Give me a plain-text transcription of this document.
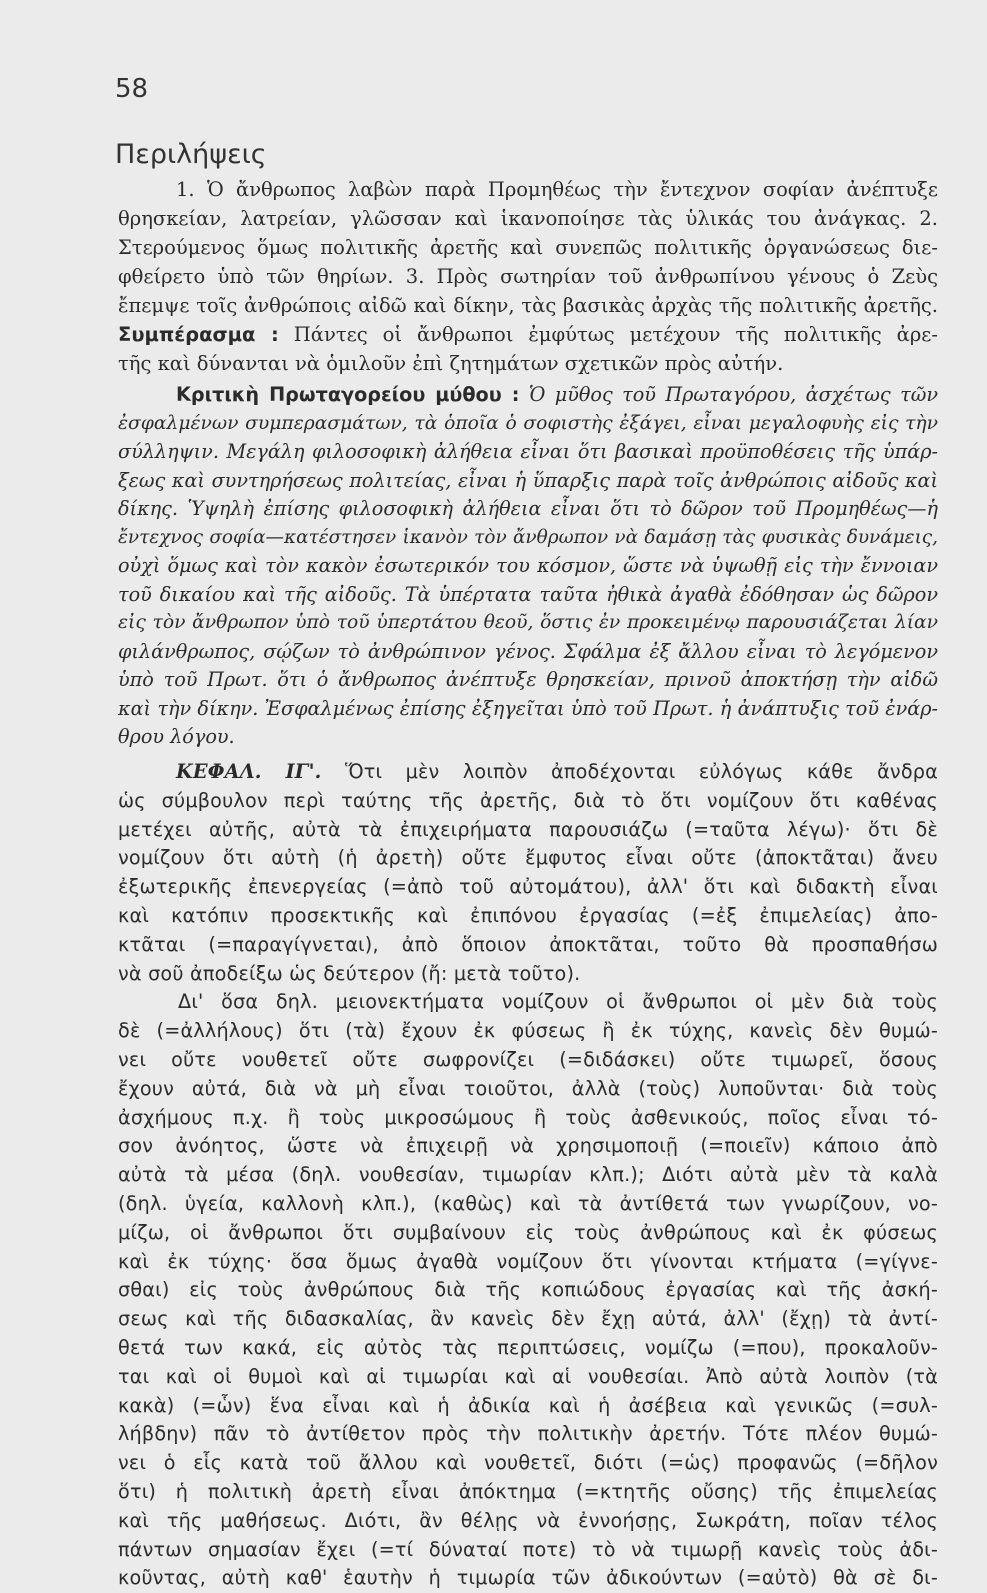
58
Περιλήψεις
1. Ὁ ἄνθρωπος λαβὼν παρὰ Προμηθέως τὴν ἔντεχνον σοφίαν ἀνέπτυξε
θρησκείαν, λατρείαν, γλῶσσαν καὶ ἱκανοποίησε τὰς ὑλικάς του ἀνάγκας. 2.
Στερούμενος ὅμως πολιτικῆς ἀρετῆς καὶ συνεπῶς πολιτικῆς ὀργανώσεως διε-
φθείρετο ὑπὸ τῶν θηρίων. 3. Πρὸς σωτηρίαν τοῦ ἀνθρωπίνου γένους ὁ Ζεὺς
ἔπεμψε τοῖς ἀνθρώποις αἰδῶ καὶ δίκην, τὰς βασικὰς ἀρχὰς τῆς πολιτικῆς ἀρετῆς.
Συμπέρασμα : Πάντες οἱ ἄνθρωποι ἐμφύτως μετέχουν τῆς πολιτικῆς ἀρε-
τῆς καὶ δύνανται νὰ ὁμιλοῦν ἐπὶ ζητημάτων σχετικῶν πρὸς αὐτήν.
Κριτικὴ Πρωταγορείου μύθου : Ὁ μῦθος τοῦ Πρωταγόρου, ἀσχέτως τῶν
ἐσφαλμένων συμπερασμάτων, τὰ ὁποῖα ὁ σοφιστὴς ἐξάγει, εἶναι μεγαλοφυὴς εἰς τὴν
σύλληψιν. Μεγάλη φιλοσοφικὴ ἀλήθεια εἶναι ὅτι βασικαὶ προϋποθέσεις τῆς ὑπάρ-
ξεως καὶ συντηρήσεως πολιτείας, εἶναι ἡ ὕπαρξις παρὰ τοῖς ἀνθρώποις αἰδοῦς καὶ
δίκης. Ὑψηλὴ ἐπίσης φιλοσοφικὴ ἀλήθεια εἶναι ὅτι τὸ δῶρον τοῦ Προμηθέως—ἡ
ἔντεχνος σοφία—κατέστησεν ἱκανὸν τὸν ἄνθρωπον νὰ δαμάσῃ τὰς φυσικὰς δυνάμεις,
οὐχὶ ὅμως καὶ τὸν κακὸν ἐσωτερικόν του κόσμον, ὥστε νὰ ὑψωθῇ εἰς τὴν ἔννοιαν
τοῦ δικαίου καὶ τῆς αἰδοῦς. Τὰ ὑπέρτατα ταῦτα ἠθικὰ ἀγαθὰ ἐδόθησαν ὡς δῶρον
εἰς τὸν ἄνθρωπον ὑπὸ τοῦ ὑπερτάτου θεοῦ, ὅστις ἐν προκειμένῳ παρουσιάζεται λίαν
φιλάνθρωπος, σῴζων τὸ ἀνθρώπινον γένος. Σφάλμα ἐξ ἄλλου εἶναι τὸ λεγόμενον
ὑπὸ τοῦ Πρωτ. ὅτι ὁ ἄνθρωπος ἀνέπτυξε θρησκείαν, πρινοῦ ἀποκτήσῃ τὴν αἰδῶ
καὶ τὴν δίκην. Ἐσφαλμένως ἐπίσης ἐξηγεῖται ὑπὸ τοῦ Πρωτ. ἡ ἀνάπτυξις τοῦ ἐνάρ-
θρου λόγου.
ΚΕΦΑΛ. ΙΓ'. Ὅτι μὲν λοιπὸν ἀποδέχονται εὐλόγως κάθε ἄνδρα
ὡς σύμβουλον περὶ ταύτης τῆς ἀρετῆς, διὰ τὸ ὅτι νομίζουν ὅτι καθένας
μετέχει αὐτῆς, αὐτὰ τὰ ἐπιχειρήματα παρουσιάζω (=ταῦτα λέγω)· ὅτι δὲ
νομίζουν ὅτι αὐτὴ (ἡ ἀρετὴ) οὔτε ἔμφυτος εἶναι οὔτε (ἀποκτᾶται) ἄνευ
ἐξωτερικῆς ἐπενεργείας (=ἀπὸ τοῦ αὐτομάτου), ἀλλ' ὅτι καὶ διδακτὴ εἶναι
καὶ κατόπιν προσεκτικῆς καὶ ἐπιπόνου ἐργασίας (=ἐξ ἐπιμελείας) ἀπο-
κτᾶται (=παραγίγνεται), ἀπὸ ὅποιον ἀποκτᾶται, τοῦτο θὰ προσπαθήσω
νὰ σοῦ ἀποδείξω ὡς δεύτερον (ἤ: μετὰ τοῦτο).
Δι' ὅσα δηλ. μειονεκτήματα νομίζουν οἱ ἄνθρωποι οἱ μὲν διὰ τοὺς
δὲ (=ἀλλήλους) ὅτι (τὰ) ἔχουν ἐκ φύσεως ἢ ἐκ τύχης, κανεὶς δὲν θυμώ-
νει οὔτε νουθετεῖ οὔτε σωφρονίζει (=διδάσκει) οὔτε τιμωρεῖ, ὅσους
ἔχουν αὐτά, διὰ νὰ μὴ εἶναι τοιοῦτοι, ἀλλὰ (τοὺς) λυποῦνται· διὰ τοὺς
ἀσχήμους π.χ. ἢ τοὺς μικροσώμους ἢ τοὺς ἀσθενικούς, ποῖος εἶναι τό-
σον ἀνόητος, ὥστε νὰ ἐπιχειρῇ νὰ χρησιμοποιῇ (=ποιεῖν) κάποιο ἀπὸ
αὐτὰ τὰ μέσα (δηλ. νουθεσίαν, τιμωρίαν κλπ.); Διότι αὐτὰ μὲν τὰ καλὰ
(δηλ. ὑγεία, καλλονὴ κλπ.), (καθὼς) καὶ τὰ ἀντίθετά των γνωρίζουν, νο-
μίζω, οἱ ἄνθρωποι ὅτι συμβαίνουν εἰς τοὺς ἀνθρώπους καὶ ἐκ φύσεως
καὶ ἐκ τύχης· ὅσα ὅμως ἀγαθὰ νομίζουν ὅτι γίνονται κτήματα (=γίγνε-
σθαι) εἰς τοὺς ἀνθρώπους διὰ τῆς κοπιώδους ἐργασίας καὶ τῆς ἀσκή-
σεως καὶ τῆς διδασκαλίας, ἂν κανεὶς δὲν ἔχῃ αὐτά, ἀλλ' (ἔχῃ) τὰ ἀντί-
θετά των κακά, εἰς αὐτὸς τὰς περιπτώσεις, νομίζω (=που), προκαλοῦν-
ται καὶ οἱ θυμοὶ καὶ αἱ τιμωρίαι καὶ αἱ νουθεσίαι. Ἀπὸ αὐτὰ λοιπὸν (τὰ
κακὰ) (=ὧν) ἕνα εἶναι καὶ ἡ ἀδικία καὶ ἡ ἀσέβεια καὶ γενικῶς (=συλ-
λήβδην) πᾶν τὸ ἀντίθετον πρὸς τὴν πολιτικὴν ἀρετήν. Τότε πλέον θυμώ-
νει ὁ εἷς κατὰ τοῦ ἄλλου καὶ νουθετεῖ, διότι (=ὡς) προφανῶς (=δῆλον
ὅτι) ἡ πολιτικὴ ἀρετὴ εἶναι ἀπόκτημα (=κτητῆς οὔσης) τῆς ἐπιμελείας
καὶ τῆς μαθήσεως. Διότι, ἂν θέλῃς νὰ ἐννοήσῃς, Σωκράτη, ποῖαν τέλος
πάντων σημασίαν ἔχει (=τί δύναταί ποτε) τὸ νὰ τιμωρῇ κανεὶς τοὺς ἀδι-
κοῦντας, αὐτὴ καθ' ἑαυτὴν ἡ τιμωρία τῶν ἀδικούντων (=αὐτὸ) θὰ σὲ δι-
